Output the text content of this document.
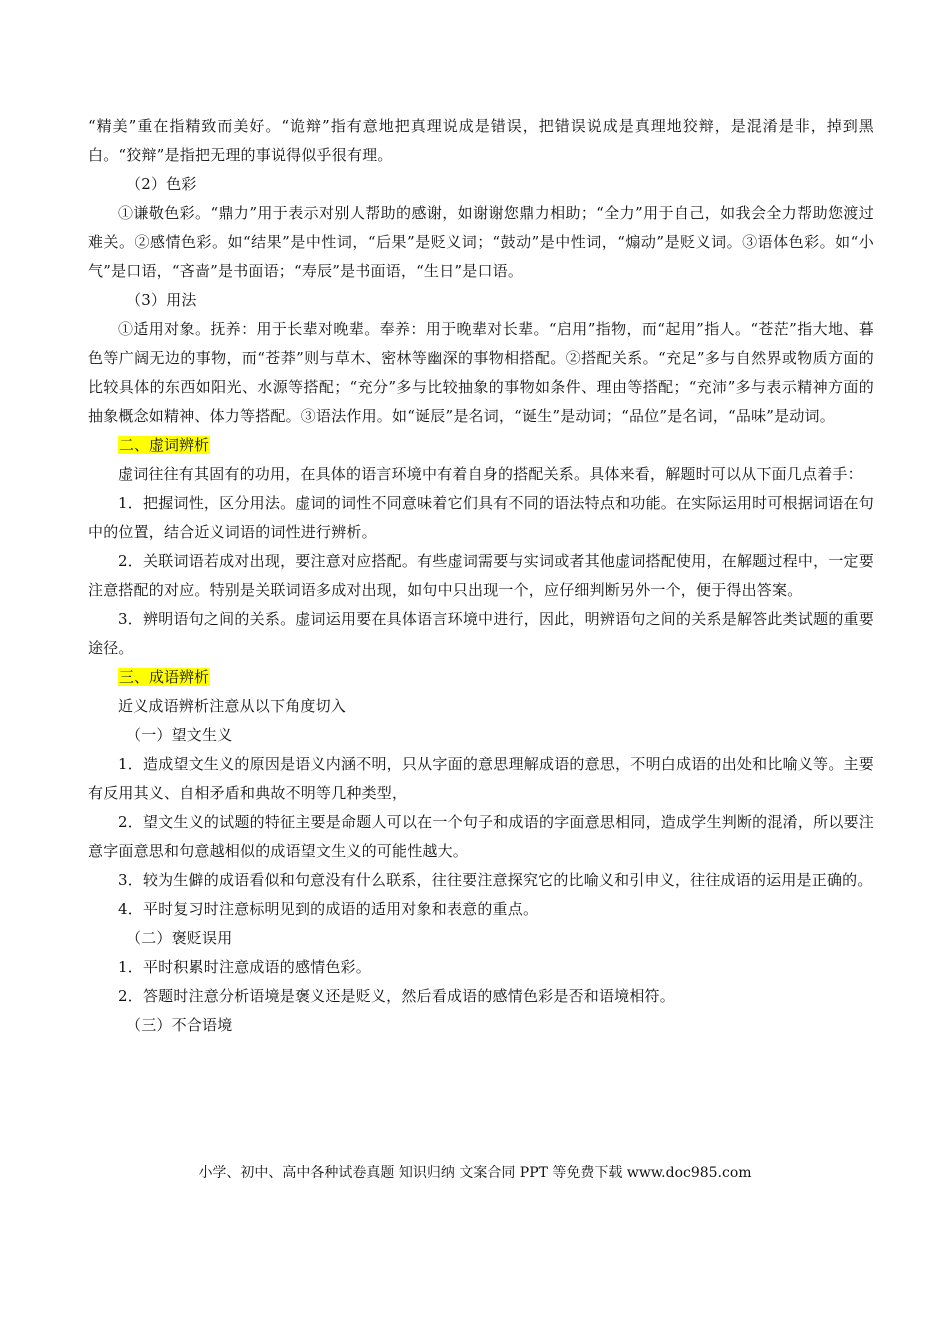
“精美”重在指精致而美好。“诡辩”指有意地把真理说成是错误，把错误说成是真理地狡辩，是混淆是非，掉到黑白。“狡辩”是指把无理的事说得似乎很有理。

（2）色彩

①谦敬色彩。“鼎力”用于表示对别人帮助的感谢，如谢谢您鼎力相助；“全力”用于自己，如我会全力帮助您渡过难关。②感情色彩。如“结果”是中性词，“后果”是贬义词；“鼓动”是中性词，“煽动”是贬义词。③语体色彩。如“小气”是口语，“吝啬”是书面语；“寿辰”是书面语，“生日”是口语。

（3）用法

①适用对象。抚养：用于长辈对晚辈。奉养：用于晚辈对长辈。“启用”指物，而“起用”指人。“苍茫”指大地、暮色等广阔无边的事物，而“苍莽”则与草木、密林等幽深的事物相搭配。②搭配关系。“充足”多与自然界或物质方面的比较具体的东西如阳光、水源等搭配；“充分”多与比较抽象的事物如条件、理由等搭配；“充沛”多与表示精神方面的抽象概念如精神、体力等搭配。③语法作用。如“诞辰”是名词，“诞生”是动词；“品位”是名词，“品味”是动词。

二、虚词辨析

虚词往往有其固有的功用，在具体的语言环境中有着自身的搭配关系。具体来看，解题时可以从下面几点着手：

1．把握词性，区分用法。虚词的词性不同意味着它们具有不同的语法特点和功能。在实际运用时可根据词语在句中的位置，结合近义词语的词性进行辨析。

2．关联词语若成对出现，要注意对应搭配。有些虚词需要与实词或者其他虚词搭配使用，在解题过程中，一定要注意搭配的对应。特别是关联词语多成对出现，如句中只出现一个，应仔细判断另外一个，便于得出答案。

3．辨明语句之间的关系。虚词运用要在具体语言环境中进行，因此，明辨语句之间的关系是解答此类试题的重要途径。

三、成语辨析

近义成语辨析注意从以下角度切入

（一）望文生义

1．造成望文生义的原因是语义内涵不明，只从字面的意思理解成语的意思，不明白成语的出处和比喻义等。主要有反用其义、自相矛盾和典故不明等几种类型，

2．望文生义的试题的特征主要是命题人可以在一个句子和成语的字面意思相同，造成学生判断的混淆，所以要注意字面意思和句意越相似的成语望文生义的可能性越大。

3．较为生僻的成语看似和句意没有什么联系，往往要注意探究它的比喻义和引申义，往往成语的运用是正确的。

4．平时复习时注意标明见到的成语的适用对象和表意的重点。

（二）褒贬误用

1．平时积累时注意成语的感情色彩。

2．答题时注意分析语境是褒义还是贬义，然后看成语的感情色彩是否和语境相符。

（三）不合语境

小学、初中、高中各种试卷真题 知识归纳 文案合同 PPT 等免费下载 www.doc985.com
